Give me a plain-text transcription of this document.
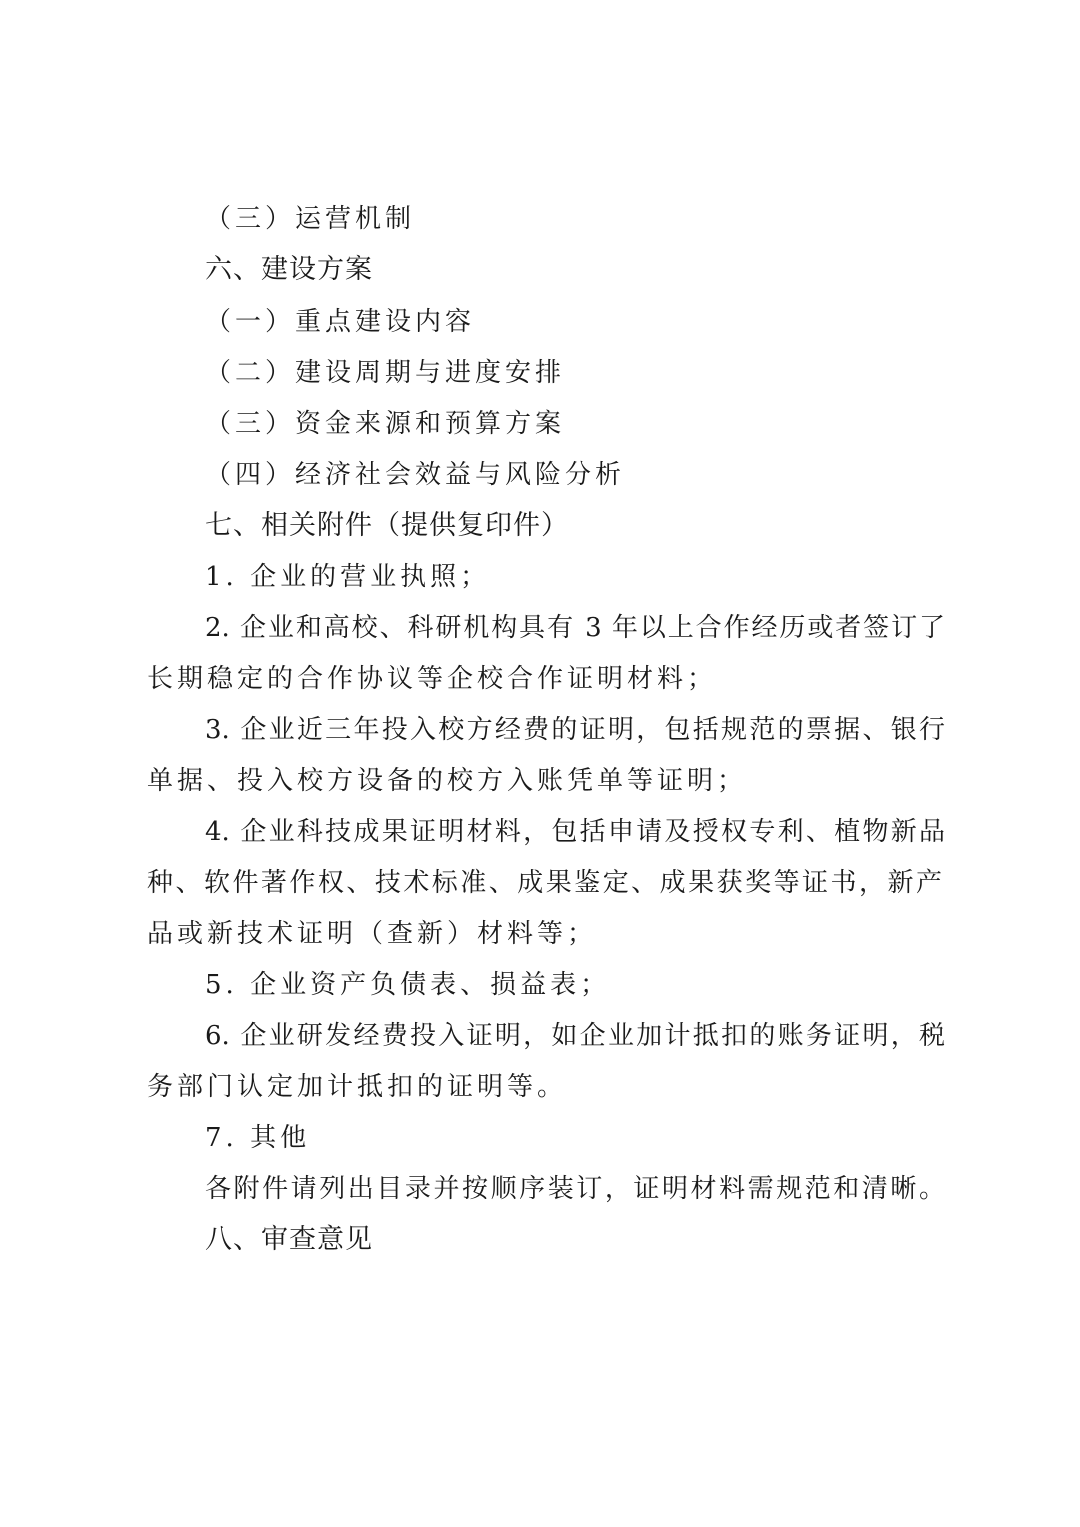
（三）运营机制
六、建设方案
（一）重点建设内容
（二）建设周期与进度安排
（三）资金来源和预算方案
（四）经济社会效益与风险分析
七、相关附件（提供复印件）
1. 企业的营业执照；
2. 企业和高校、科研机构具有 3 年以上合作经历或者签订了
长期稳定的合作协议等企校合作证明材料；
3. 企业近三年投入校方经费的证明，包括规范的票据、银行
单据、投入校方设备的校方入账凭单等证明；
4. 企业科技成果证明材料，包括申请及授权专利、植物新品
种、软件著作权、技术标准、成果鉴定、成果获奖等证书，新产
品或新技术证明（查新）材料等；
5. 企业资产负债表、损益表；
6. 企业研发经费投入证明，如企业加计抵扣的账务证明，税
务部门认定加计抵扣的证明等。
7. 其他
各附件请列出目录并按顺序装订，证明材料需规范和清晰。
八、审查意见
